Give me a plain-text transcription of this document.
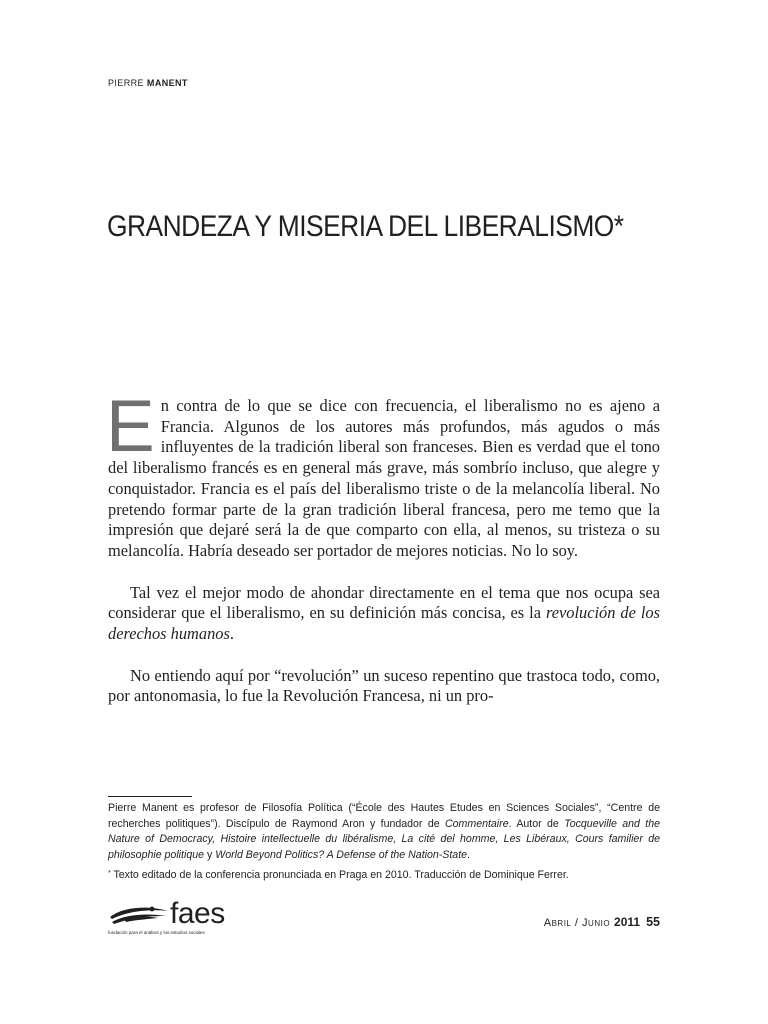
PIERRE MANENT
GRANDEZA Y MISERIA DEL LIBERALISMO*

En contra de lo que se dice con frecuencia, el liberalismo no es ajeno a Francia. Algunos de los autores más profundos, más agudos o más influyentes de la tradición liberal son franceses. Bien es verdad que el tono del liberalismo francés es en general más grave, más sombrío incluso, que alegre y conquistador. Francia es el país del liberalismo triste o de la melancolía liberal. No pretendo formar parte de la gran tradición liberal francesa, pero me temo que la impresión que dejaré será la de que comparto con ella, al menos, su tristeza o su melancolía. Habría deseado ser portador de mejores noticias. No lo soy.

Tal vez el mejor modo de ahondar directamente en el tema que nos ocupa sea considerar que el liberalismo, en su definición más concisa, es la revolución de los derechos humanos.

No entiendo aquí por “revolución” un suceso repentino que trastoca todo, como, por antonomasia, lo fue la Revolución Francesa, ni un pro-

Pierre Manent es profesor de Filosofía Política (“École des Hautes Etudes en Sciences Sociales”, “Centre de recherches politiques”). Discípulo de Raymond Aron y fundador de Commentaire. Autor de Tocqueville and the Nature of Democracy, Histoire intellectuelle du libéralisme, La cité del homme, Les Libéraux, Cours familier de philosophie politique y World Beyond Politics? A Defense of the Nation-State.

* Texto editado de la conferencia pronunciada en Praga en 2010. Traducción de Dominique Ferrer.

faes
fundación para el análisis y los estudios sociales
Abril / Junio 2011 55
